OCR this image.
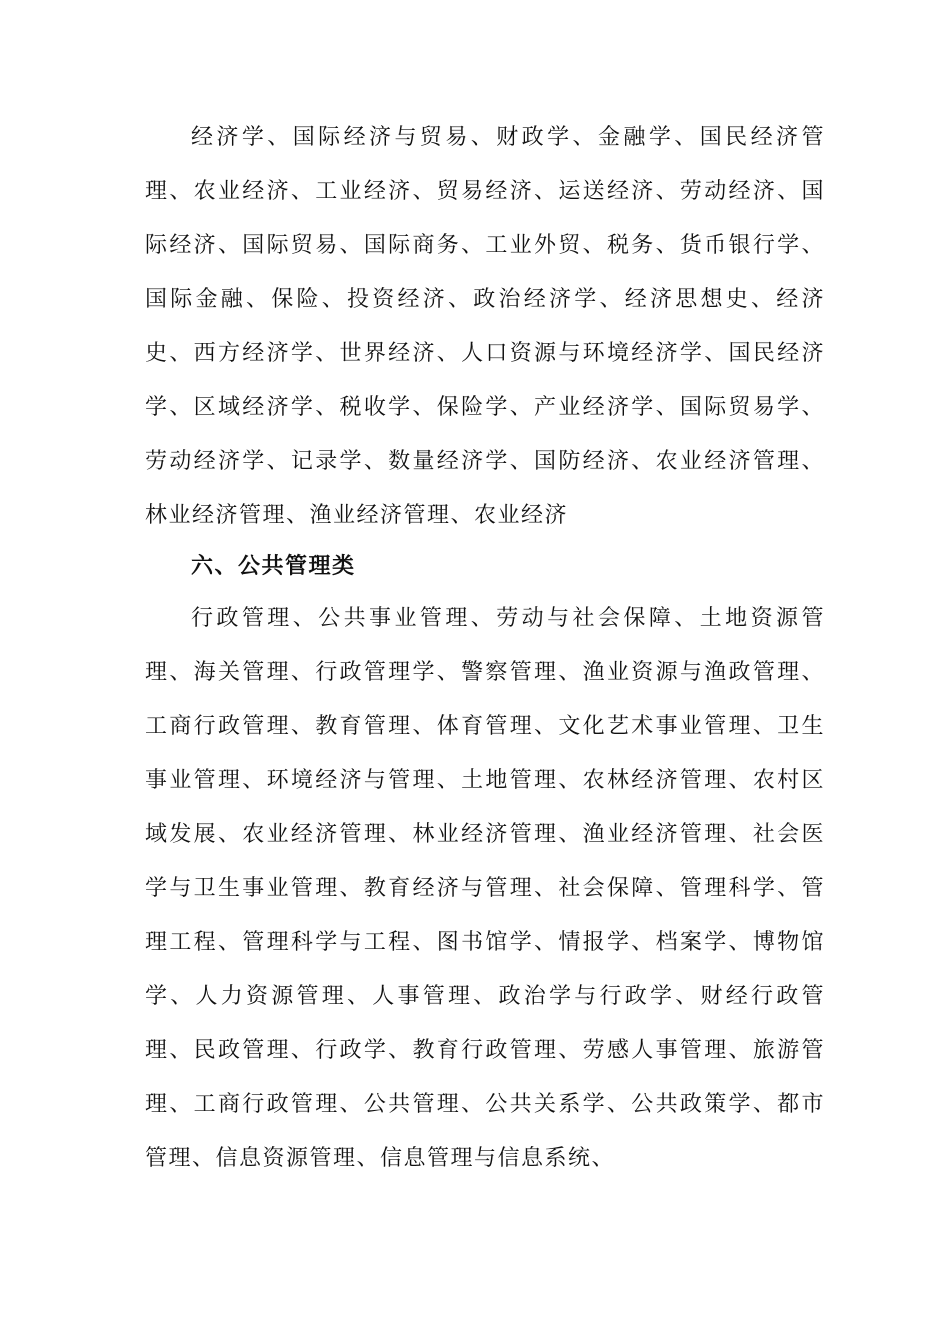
经济学、国际经济与贸易、财政学、金融学、国民经济管理、农业经济、工业经济、贸易经济、运送经济、劳动经济、国际经济、国际贸易、国际商务、工业外贸、税务、货币银行学、国际金融、保险、投资经济、政治经济学、经济思想史、经济史、西方经济学、世界经济、人口资源与环境经济学、国民经济学、区域经济学、税收学、保险学、产业经济学、国际贸易学、劳动经济学、记录学、数量经济学、国防经济、农业经济管理、林业经济管理、渔业经济管理、农业经济

六、公共管理类

行政管理、公共事业管理、劳动与社会保障、土地资源管理、海关管理、行政管理学、警察管理、渔业资源与渔政管理、工商行政管理、教育管理、体育管理、文化艺术事业管理、卫生事业管理、环境经济与管理、土地管理、农林经济管理、农村区域发展、农业经济管理、林业经济管理、渔业经济管理、社会医学与卫生事业管理、教育经济与管理、社会保障、管理科学、管理工程、管理科学与工程、图书馆学、情报学、档案学、博物馆学、人力资源管理、人事管理、政治学与行政学、财经行政管理、民政管理、行政学、教育行政管理、劳感人事管理、旅游管理、工商行政管理、公共管理、公共关系学、公共政策学、都市管理、信息资源管理、信息管理与信息系统、
